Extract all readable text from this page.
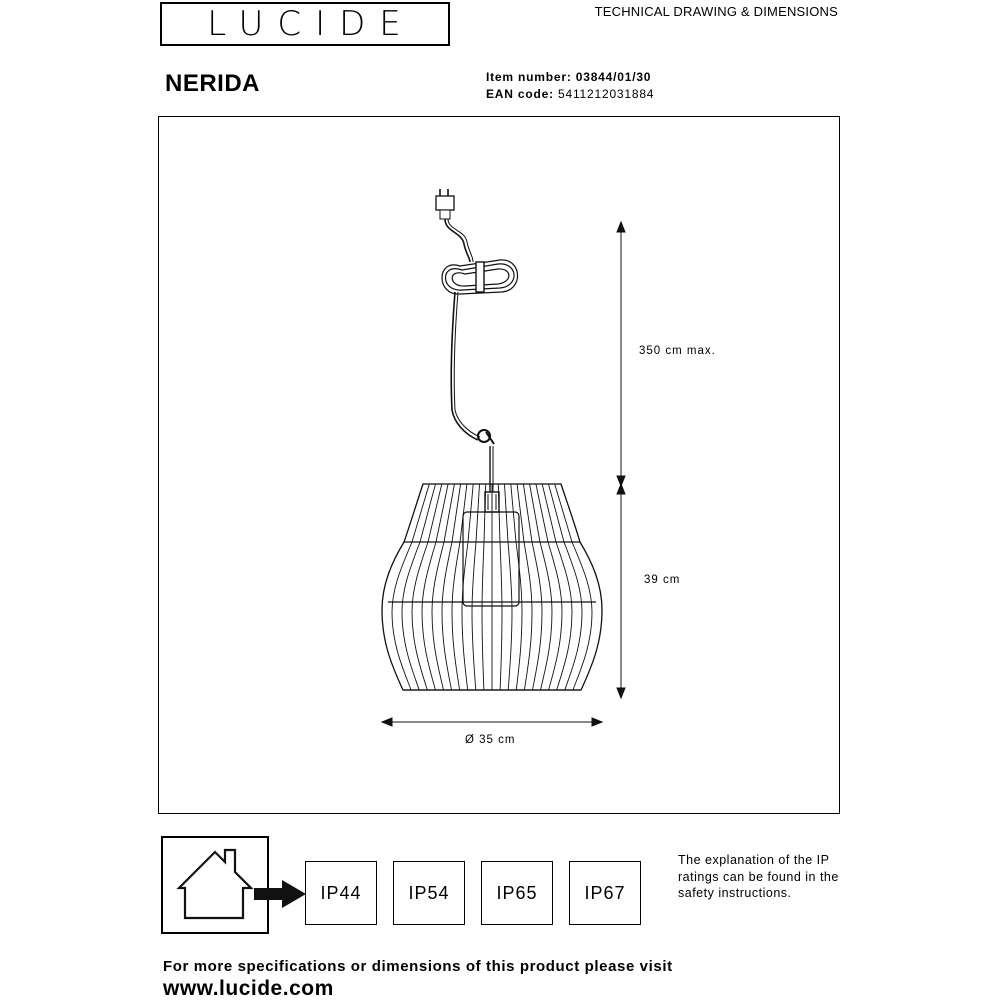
LUCIDE	TECHNICAL DRAWING & DIMENSIONS
NERIDA	Item number: 03844/01/30
EAN code: 5411212031884
350 cm max.
39 cm
Ø 35 cm
IP44	IP54	IP65	IP67
The explanation of the IP ratings can be found in the safety instructions.
For more specifications or dimensions of this product please visit
www.lucide.com
